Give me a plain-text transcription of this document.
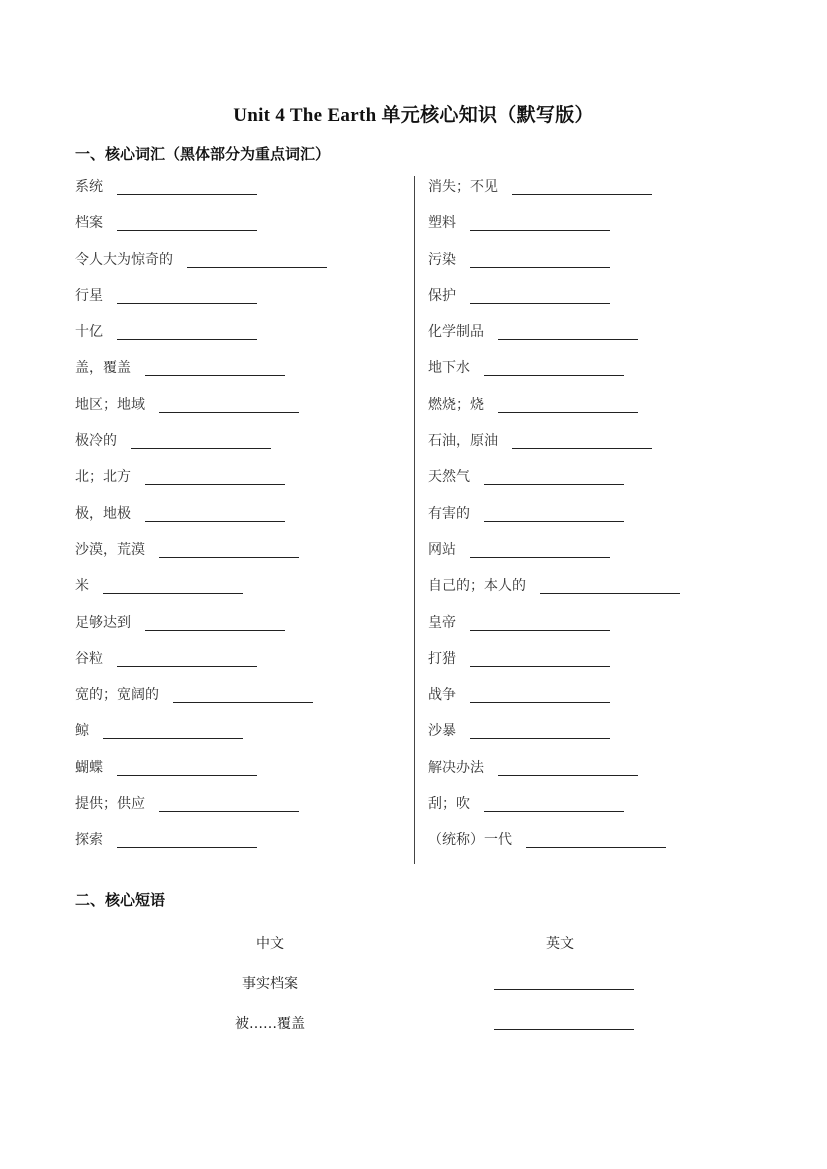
Unit 4 The Earth 单元核心知识（默写版）
一、核心词汇（黑体部分为重点词汇）
系统
档案
令人大为惊奇的
行星
十亿
盖，覆盖
地区；地域
极冷的
北；北方
极，地极
沙漠，荒漠
米
足够达到
谷粒
宽的；宽阔的
鲸
蝴蝶
提供；供应
探索
消失；不见
塑料
污染
保护
化学制品
地下水
燃烧；烧
石油，原油
天然气
有害的
网站
自己的；本人的
皇帝
打猎
战争
沙暴
解决办法
刮；吹
（统称）一代
二、核心短语
中文	英文
事实档案
被……覆盖
